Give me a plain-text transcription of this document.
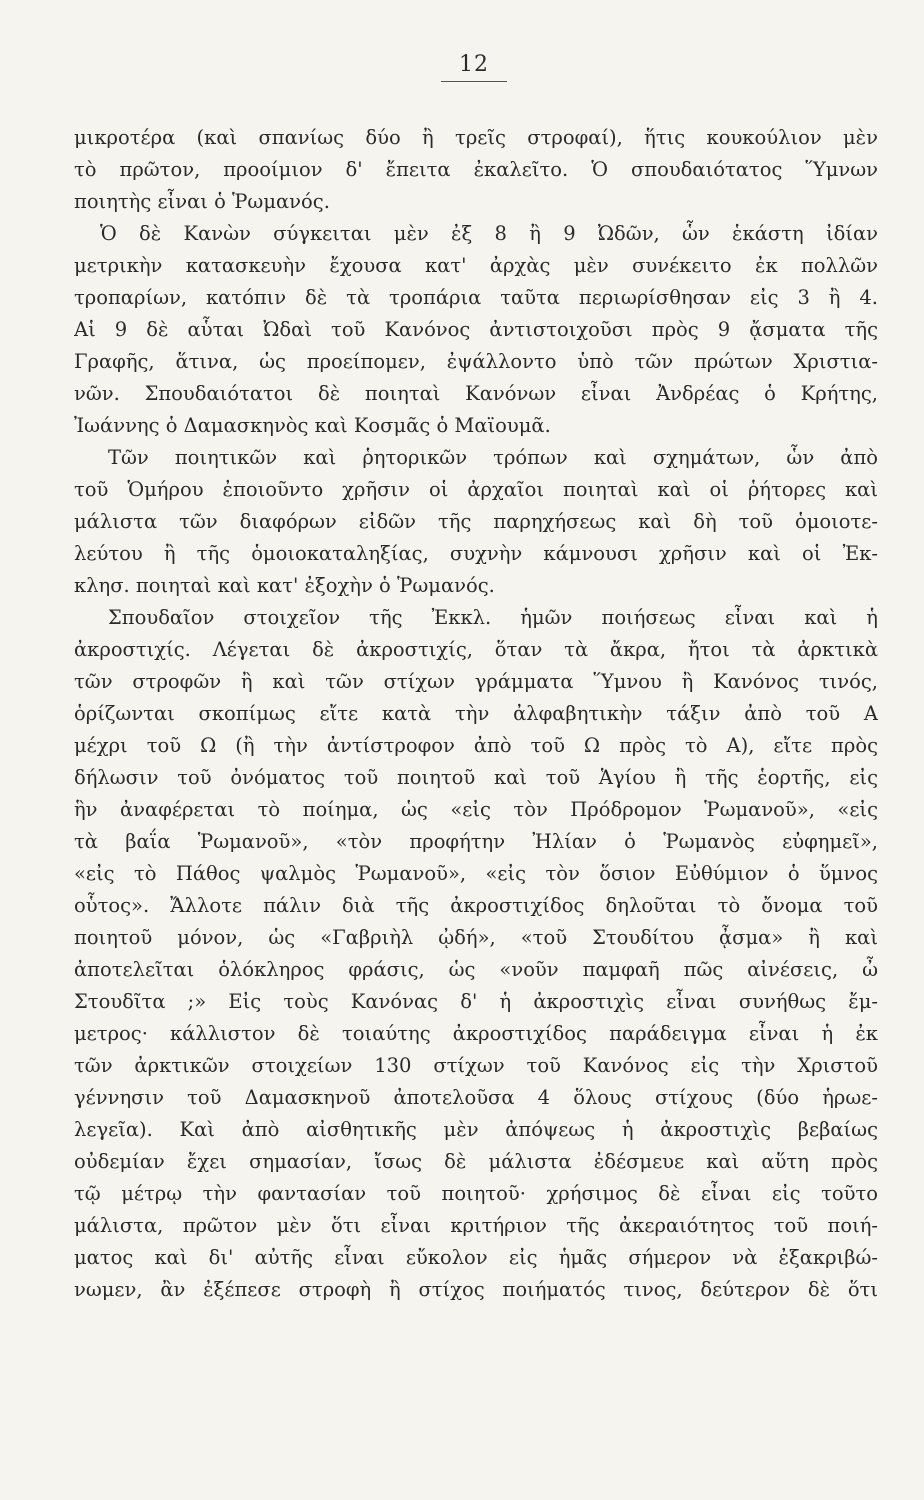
12
μικροτέρα (καὶ σπανίως δύο ἢ τρεῖς στροφαί), ἥτις κουκούλιον μὲν
τὸ πρῶτον, προοίμιον δ' ἔπειτα ἐκαλεῖτο. Ὁ σπουδαιότατος Ὕμνων
ποιητὴς εἶναι ὁ Ῥωμανός.
Ὁ δὲ Κανὼν σύγκειται μὲν ἐξ 8 ἢ 9 Ὠδῶν, ὧν ἑκάστη ἰδίαν
μετρικὴν κατασκευὴν ἔχουσα κατ' ἀρχὰς μὲν συνέκειτο ἐκ πολλῶν
τροπαρίων, κατόπιν δὲ τὰ τροπάρια ταῦτα περιωρίσθησαν εἰς 3 ἢ 4.
Αἱ 9 δὲ αὗται Ὠδαὶ τοῦ Κανόνος ἀντιστοιχοῦσι πρὸς 9 ᾄσματα τῆς
Γραφῆς, ἅτινα, ὡς προείπομεν, ἐψάλλοντο ὑπὸ τῶν πρώτων Χριστια-
νῶν. Σπουδαιότατοι δὲ ποιηταὶ Κανόνων εἶναι Ἀνδρέας ὁ Κρήτης,
Ἰωάννης ὁ Δαμασκηνὸς καὶ Κοσμᾶς ὁ Μαϊουμᾶ.
Τῶν ποιητικῶν καὶ ῥητορικῶν τρόπων καὶ σχημάτων, ὧν ἀπὸ
τοῦ Ὁμήρου ἐποιοῦντο χρῆσιν οἱ ἀρχαῖοι ποιηταὶ καὶ οἱ ῥήτορες καὶ
μάλιστα τῶν διαφόρων εἰδῶν τῆς παρηχήσεως καὶ δὴ τοῦ ὁμοιοτε-
λεύτου ἢ τῆς ὁμοιοκαταληξίας, συχνὴν κάμνουσι χρῆσιν καὶ οἱ Ἐκ-
κλησ. ποιηταὶ καὶ κατ' ἐξοχὴν ὁ Ῥωμανός.
Σπουδαῖον στοιχεῖον τῆς Ἐκκλ. ἡμῶν ποιήσεως εἶναι καὶ ἡ
ἀκροστιχίς. Λέγεται δὲ ἀκροστιχίς, ὅταν τὰ ἄκρα, ἤτοι τὰ ἀρκτικὰ
τῶν στροφῶν ἢ καὶ τῶν στίχων γράμματα Ὕμνου ἢ Κανόνος τινός,
ὁρίζωνται σκοπίμως εἴτε κατὰ τὴν ἀλφαβητικὴν τάξιν ἀπὸ τοῦ Α
μέχρι τοῦ Ω (ἢ τὴν ἀντίστροφον ἀπὸ τοῦ Ω πρὸς τὸ Α), εἴτε πρὸς
δήλωσιν τοῦ ὀνόματος τοῦ ποιητοῦ καὶ τοῦ Ἁγίου ἢ τῆς ἑορτῆς, εἰς
ἣν ἀναφέρεται τὸ ποίημα, ὡς «εἰς τὸν Πρόδρομον Ῥωμανοῦ», «εἰς
τὰ βαΐα Ῥωμανοῦ», «τὸν προφήτην Ἠλίαν ὁ Ῥωμανὸς εὐφημεῖ»,
«εἰς τὸ Πάθος ψαλμὸς Ῥωμανοῦ», «εἰς τὸν ὅσιον Εὐθύμιον ὁ ὕμνος
οὗτος». Ἄλλοτε πάλιν διὰ τῆς ἀκροστιχίδος δηλοῦται τὸ ὄνομα τοῦ
ποιητοῦ μόνον, ὡς «Γαβριὴλ ᾠδή», «τοῦ Στουδίτου ᾆσμα» ἢ καὶ
ἀποτελεῖται ὁλόκληρος φράσις, ὡς «νοῦν παμφαῆ πῶς αἰνέσεις, ὦ
Στουδῖτα ;» Εἰς τοὺς Κανόνας δ' ἡ ἀκροστιχὶς εἶναι συνήθως ἔμ-
μετρος· κάλλιστον δὲ τοιαύτης ἀκροστιχίδος παράδειγμα εἶναι ἡ ἐκ
τῶν ἀρκτικῶν στοιχείων 130 στίχων τοῦ Κανόνος εἰς τὴν Χριστοῦ
γέννησιν τοῦ Δαμασκηνοῦ ἀποτελοῦσα 4 ὅλους στίχους (δύο ἡρωε-
λεγεῖα). Καὶ ἀπὸ αἰσθητικῆς μὲν ἀπόψεως ἡ ἀκροστιχὶς βεβαίως
οὐδεμίαν ἔχει σημασίαν, ἴσως δὲ μάλιστα ἐδέσμευε καὶ αὕτη πρὸς
τῷ μέτρῳ τὴν φαντασίαν τοῦ ποιητοῦ· χρήσιμος δὲ εἶναι εἰς τοῦτο
μάλιστα, πρῶτον μὲν ὅτι εἶναι κριτήριον τῆς ἀκεραιότητος τοῦ ποιή-
ματος καὶ δι' αὐτῆς εἶναι εὔκολον εἰς ἡμᾶς σήμερον νὰ ἐξακριβώ-
νωμεν, ἂν ἐξέπεσε στροφὴ ἢ στίχος ποιήματός τινος, δεύτερον δὲ ὅτι
